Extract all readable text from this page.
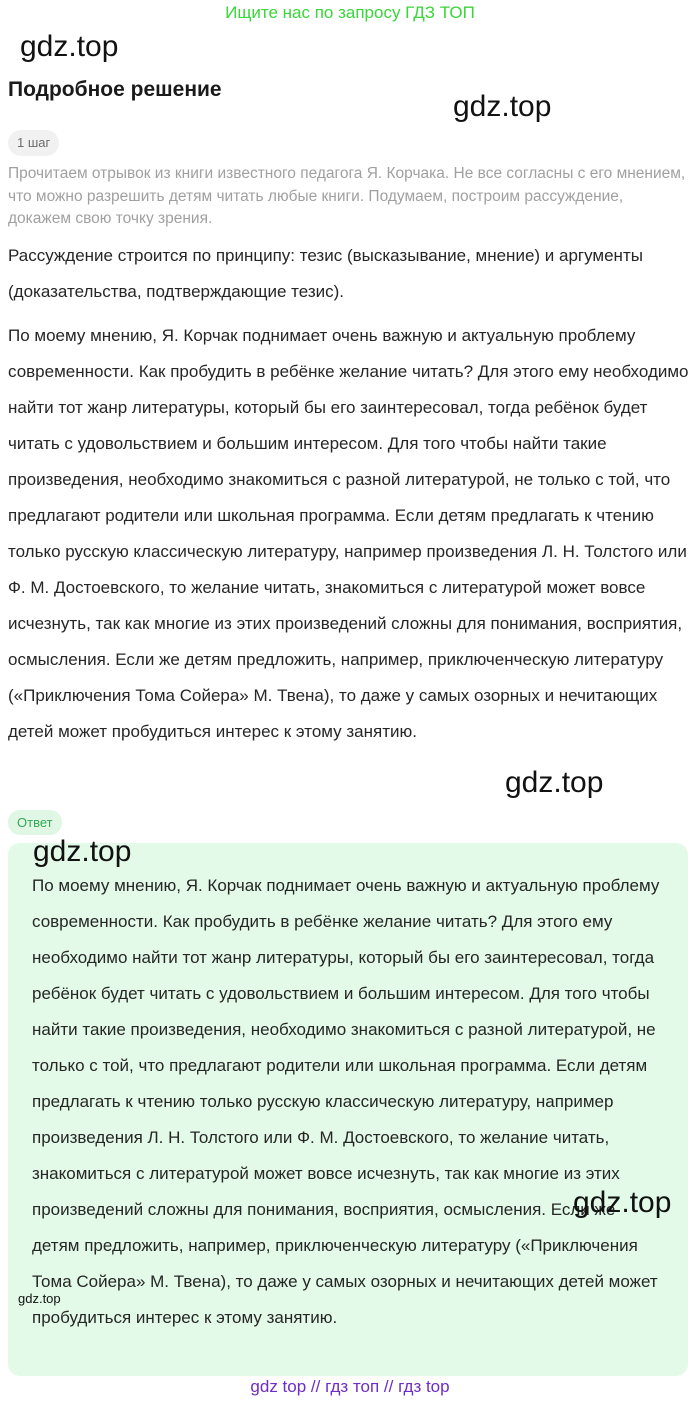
Ищите нас по запросу ГДЗ ТОП
gdz.top
gdz.top
Подробное решение
1 шаг
Прочитаем отрывок из книги известного педагога Я. Корчака. Не все согласны с его мнением, что можно разрешить детям читать любые книги. Подумаем, построим рассуждение, докажем свою точку зрения.
Рассуждение строится по принципу: тезис (высказывание, мнение) и аргументы (доказательства, подтверждающие тезис).
По моему мнению, Я. Корчак поднимает очень важную и актуальную проблему современности. Как пробудить в ребёнке желание читать? Для этого ему необходимо найти тот жанр литературы, который бы его заинтересовал, тогда ребёнок будет читать с удовольствием и большим интересом. Для того чтобы найти такие произведения, необходимо знакомиться с разной литературой, не только с той, что предлагают родители или школьная программа. Если детям предлагать к чтению только русскую классическую литературу, например произведения Л. Н. Толстого или Ф. М. Достоевского, то желание читать, знакомиться с литературой может вовсе исчезнуть, так как многие из этих произведений сложны для понимания, восприятия, осмысления. Если же детям предложить, например, приключенческую литературу («Приключения Тома Сойера» М. Твена), то даже у самых озорных и нечитающих детей может пробудиться интерес к этому занятию.
gdz.top
Ответ
gdz.top
По моему мнению, Я. Корчак поднимает очень важную и актуальную проблему современности. Как пробудить в ребёнке желание читать? Для этого ему необходимо найти тот жанр литературы, который бы его заинтересовал, тогда ребёнок будет читать с удовольствием и большим интересом. Для того чтобы найти такие произведения, необходимо знакомиться с разной литературой, не только с той, что предлагают родители или школьная программа. Если детям предлагать к чтению только русскую классическую литературу, например произведения Л. Н. Толстого или Ф. М. Достоевского, то желание читать, знакомиться с литературой может вовсе исчезнуть, так как многие из этих произведений сложны для понимания, восприятия, осмысления. Если же детям предложить, например, приключенческую литературу («Приключения Тома Сойера» М. Твена), то даже у самых озорных и нечитающих детей может пробудиться интерес к этому занятию.
gdz.top
gdz.top
gdz top // гдз топ // гдз top
